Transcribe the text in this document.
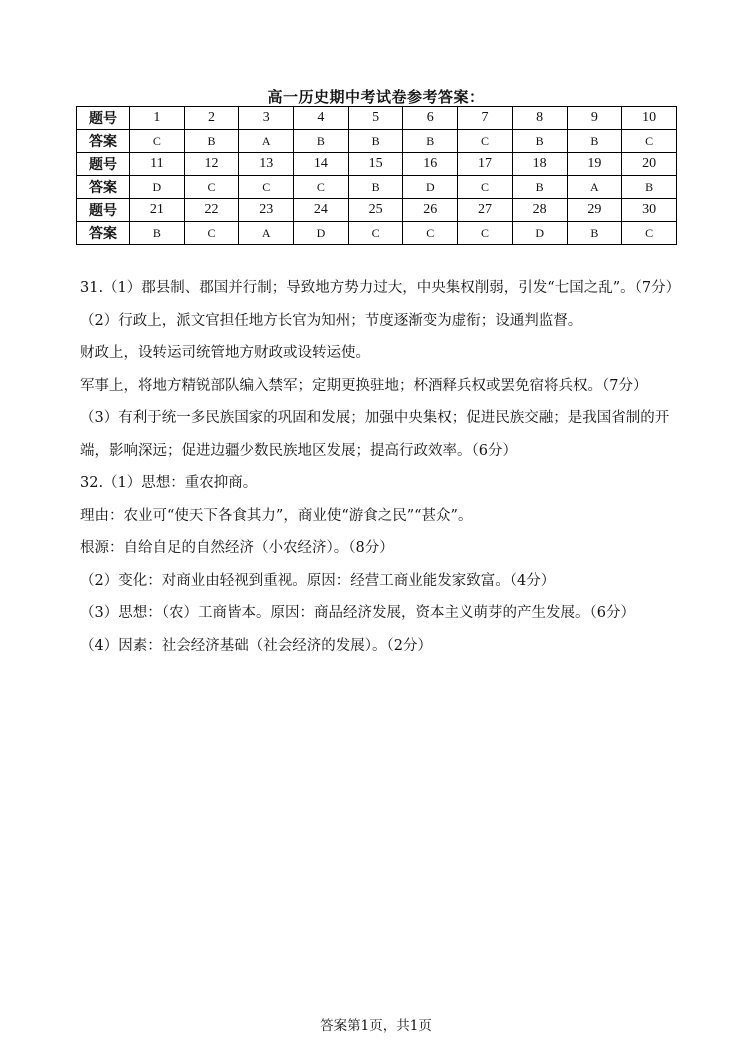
高一历史期中考试卷参考答案：
题号	1	2	3	4	5	6	7	8	9	10
答案	C	B	A	B	B	B	C	B	B	C
题号	11	12	13	14	15	16	17	18	19	20
答案	D	C	C	C	B	D	C	B	A	B
题号	21	22	23	24	25	26	27	28	29	30
答案	B	C	A	D	C	C	C	D	B	C

31.（1）郡县制、郡国并行制；导致地方势力过大，中央集权削弱，引发“七国之乱”。（7分）

（2）行政上，派文官担任地方长官为知州；节度逐渐变为虚衔；设通判监督。

财政上，设转运司统管地方财政或设转运使。

军事上，将地方精锐部队编入禁军；定期更换驻地；杯酒释兵权或罢免宿将兵权。（7分）

（3）有利于统一多民族国家的巩固和发展；加强中央集权；促进民族交融；是我国省制的开端，影响深远；促进边疆少数民族地区发展；提高行政效率。（6分）

32.（1）思想：重农抑商。

理由：农业可“使天下各食其力”，商业使“游食之民”“甚众”。

根源：自给自足的自然经济（小农经济）。（8分）

（2）变化：对商业由轻视到重视。原因：经营工商业能发家致富。（4分）

（3）思想：（农）工商皆本。原因：商品经济发展，资本主义萌芽的产生发展。（6分）

（4）因素：社会经济基础（社会经济的发展）。（2分）

答案第1页，共1页
